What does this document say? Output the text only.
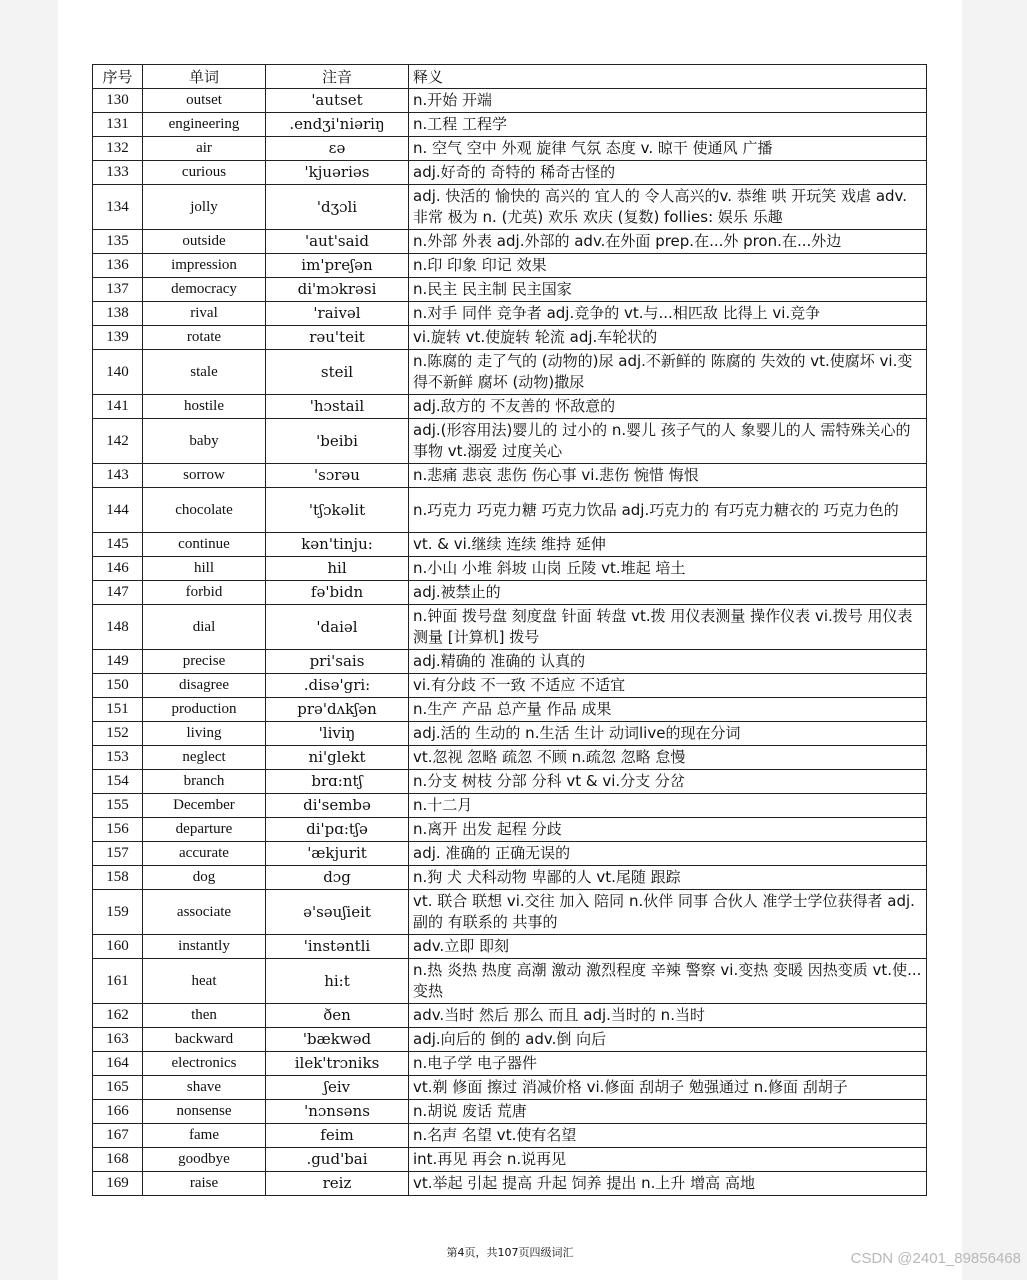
序号	单词	注音	释义
130	outset	'autset	n.开始 开端
131	engineering	.endʒi'niəriŋ	n.工程 工程学
132	air	ɛə	n. 空气 空中 外观 旋律 气氛 态度 v. 晾干 使通风 广播
133	curious	'kjuəriəs	adj.好奇的 奇特的 稀奇古怪的
134	jolly	'dʒɔli	adj. 快活的 愉快的 高兴的 宜人的 令人高兴的v. 恭维 哄 开玩笑 戏虐 adv. 非常 极为 n. (尤英) 欢乐 欢庆 (复数) follies: 娱乐 乐趣
135	outside	'aut'said	n.外部 外表 adj.外部的 adv.在外面 prep.在...外 pron.在...外边
136	impression	im'preʃən	n.印 印象 印记 效果
137	democracy	di'mɔkrəsi	n.民主 民主制 民主国家
138	rival	'raivəl	n.对手 同伴 竞争者 adj.竞争的 vt.与...相匹敌 比得上 vi.竞争
139	rotate	rəu'teit	vi.旋转 vt.使旋转 轮流 adj.车轮状的
140	stale	steil	n.陈腐的 走了气的 (动物的)尿 adj.不新鲜的 陈腐的 失效的 vt.使腐坏 vi.变得不新鲜 腐坏 (动物)撒尿
141	hostile	'hɔstail	adj.敌方的 不友善的 怀敌意的
142	baby	'beibi	adj.(形容用法)婴儿的 过小的 n.婴儿 孩子气的人 象婴儿的人 需特殊关心的事物 vt.溺爱 过度关心
143	sorrow	'sɔrəu	n.悲痛 悲哀 悲伤 伤心事 vi.悲伤 惋惜 悔恨
144	chocolate	'tʃɔkəlit	n.巧克力 巧克力糖 巧克力饮品 adj.巧克力的 有巧克力糖衣的 巧克力色的
145	continue	kən'tinju:	vt. & vi.继续 连续 维持 延伸
146	hill	hil	n.小山 小堆 斜坡 山岗 丘陵 vt.堆起 培土
147	forbid	fə'bidn	adj.被禁止的
148	dial	'daiəl	n.钟面 拨号盘 刻度盘 针面 转盘 vt.拨 用仪表测量 操作仪表 vi.拨号 用仪表测量 [计算机] 拨号
149	precise	pri'sais	adj.精确的 准确的 认真的
150	disagree	.disə'gri:	vi.有分歧 不一致 不适应 不适宜
151	production	prə'dʌkʃən	n.生产 产品 总产量 作品 成果
152	living	'liviŋ	adj.活的 生动的 n.生活 生计 动词live的现在分词
153	neglect	ni'glekt	vt.忽视 忽略 疏忽 不顾 n.疏忽 忽略 怠慢
154	branch	brɑ:ntʃ	n.分支 树枝 分部 分科 vt & vi.分支 分岔
155	December	di'sembə	n.十二月
156	departure	di'pɑ:tʃə	n.离开 出发 起程 分歧
157	accurate	'ækjurit	adj. 准确的 正确无误的
158	dog	dɔg	n.狗 犬 犬科动物 卑鄙的人 vt.尾随 跟踪
159	associate	ə'səuʃieit	vt. 联合 联想 vi.交往 加入 陪同 n.伙伴 同事 合伙人 准学士学位获得者 adj.副的 有联系的 共事的
160	instantly	'instəntli	adv.立即 即刻
161	heat	hi:t	n.热 炎热 热度 高潮 激动 激烈程度 辛辣 警察 vi.变热 变暖 因热变质 vt.使...变热
162	then	ðen	adv.当时 然后 那么 而且 adj.当时的 n.当时
163	backward	'bækwəd	adj.向后的 倒的 adv.倒 向后
164	electronics	ilek'trɔniks	n.电子学 电子器件
165	shave	ʃeiv	vt.剃 修面 擦过 消减价格 vi.修面 刮胡子 勉强通过 n.修面 刮胡子
166	nonsense	'nɔnsəns	n.胡说 废话 荒唐
167	fame	feim	n.名声 名望 vt.使有名望
168	goodbye	.gud'bai	int.再见 再会 n.说再见
169	raise	reiz	vt.举起 引起 提高 升起 饲养 提出 n.上升 增高 高地
第4页，共107页四级词汇	CSDN @2401_89856468
